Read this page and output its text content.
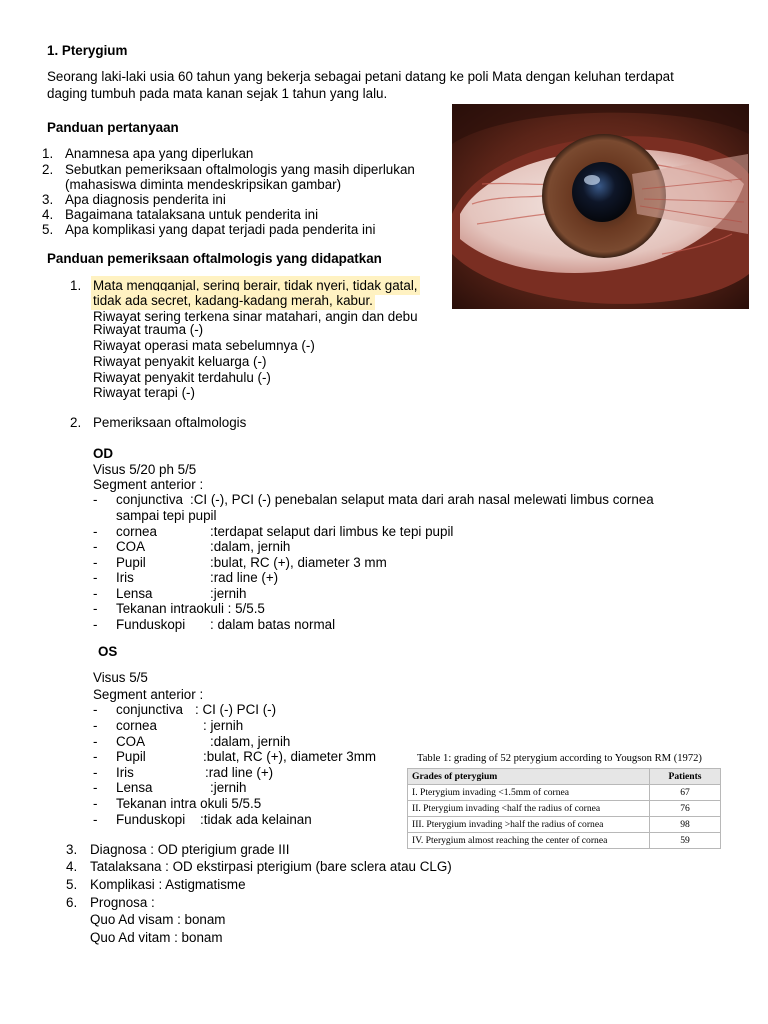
1. Pterygium
Seorang laki-laki usia 60 tahun yang bekerja sebagai petani datang ke poli Mata dengan keluhan terdapat
daging tumbuh pada mata kanan sejak 1 tahun yang lalu.
Panduan pertanyaan
1. Anamnesa apa yang diperlukan
2. Sebutkan pemeriksaan oftalmologis yang masih diperlukan
(mahasiswa diminta mendeskripsikan gambar)
3. Apa diagnosis penderita ini
4. Bagaimana tatalaksana untuk penderita ini
5. Apa komplikasi yang dapat terjadi pada penderita ini
Panduan pemeriksaan oftalmologis yang didapatkan
1. Mata mengganjal, sering berair, tidak nyeri, tidak gatal,
tidak ada secret, kadang-kadang merah, kabur.
Riwayat sering terkena sinar matahari, angin dan debu
Riwayat trauma (-)
Riwayat operasi mata sebelumnya (-)
Riwayat penyakit keluarga (-)
Riwayat penyakit terdahulu (-)
Riwayat terapi (-)
2. Pemeriksaan oftalmologis
OD
Visus 5/20 ph 5/5
Segment anterior :
- conjunctiva :CI (-), PCI (-) penebalan selaput mata dari arah nasal melewati limbus cornea
sampai tepi pupil
- cornea	:terdapat selaput dari limbus ke tepi pupil
- COA	:dalam, jernih
- Pupil	:bulat, RC (+), diameter 3 mm
- Iris	:rad line (+)
- Lensa	:jernih
- Tekanan intraokuli : 5/5.5
- Funduskopi : dalam batas normal
OS
Visus 5/5
Segment anterior :
- conjunctiva : CI (-) PCI (-)
- cornea	: jernih
- COA	:dalam, jernih
- Pupil	:bulat, RC (+), diameter 3mm
- Iris	:rad line (+)
- Lensa	:jernih
- Tekanan intra okuli 5/5.5
- Funduskopi :tidak ada kelainan
Table 1: grading of 52 pterygium according to Yougson RM (1972)
Grades of pterygium	Patients
I. Pterygium invading <1.5mm of cornea	67
II. Pterygium invading <half the radius of cornea	76
III. Pterygium invading >half the radius of cornea	98
IV. Pterygium almost reaching the center of cornea	59
3. Diagnosa : OD pterigium grade III
4. Tatalaksana : OD ekstirpasi pterigium (bare sclera atau CLG)
5. Komplikasi : Astigmatisme
6. Prognosa :
Quo Ad visam : bonam
Quo Ad vitam : bonam
